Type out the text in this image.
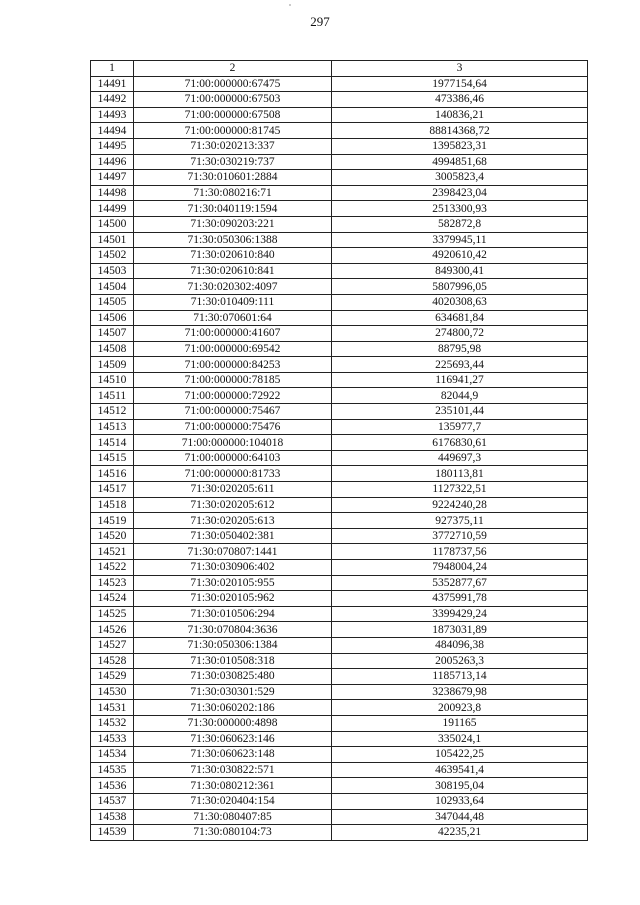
297
1	2	3
14491	71:00:000000:67475	1977154,64
14492	71:00:000000:67503	473386,46
14493	71:00:000000:67508	140836,21
14494	71:00:000000:81745	88814368,72
14495	71:30:020213:337	1395823,31
14496	71:30:030219:737	4994851,68
14497	71:30:010601:2884	3005823,4
14498	71:30:080216:71	2398423,04
14499	71:30:040119:1594	2513300,93
14500	71:30:090203:221	582872,8
14501	71:30:050306:1388	3379945,11
14502	71:30:020610:840	4920610,42
14503	71:30:020610:841	849300,41
14504	71:30:020302:4097	5807996,05
14505	71:30:010409:111	4020308,63
14506	71:30:070601:64	634681,84
14507	71:00:000000:41607	274800,72
14508	71:00:000000:69542	88795,98
14509	71:00:000000:84253	225693,44
14510	71:00:000000:78185	116941,27
14511	71:00:000000:72922	82044,9
14512	71:00:000000:75467	235101,44
14513	71:00:000000:75476	135977,7
14514	71:00:000000:104018	6176830,61
14515	71:00:000000:64103	449697,3
14516	71:00:000000:81733	180113,81
14517	71:30:020205:611	1127322,51
14518	71:30:020205:612	9224240,28
14519	71:30:020205:613	927375,11
14520	71:30:050402:381	3772710,59
14521	71:30:070807:1441	1178737,56
14522	71:30:030906:402	7948004,24
14523	71:30:020105:955	5352877,67
14524	71:30:020105:962	4375991,78
14525	71:30:010506:294	3399429,24
14526	71:30:070804:3636	1873031,89
14527	71:30:050306:1384	484096,38
14528	71:30:010508:318	2005263,3
14529	71:30:030825:480	1185713,14
14530	71:30:030301:529	3238679,98
14531	71:30:060202:186	200923,8
14532	71:30:000000:4898	191165
14533	71:30:060623:146	335024,1
14534	71:30:060623:148	105422,25
14535	71:30:030822:571	4639541,4
14536	71:30:080212:361	308195,04
14537	71:30:020404:154	102933,64
14538	71:30:080407:85	347044,48
14539	71:30:080104:73	42235,21
